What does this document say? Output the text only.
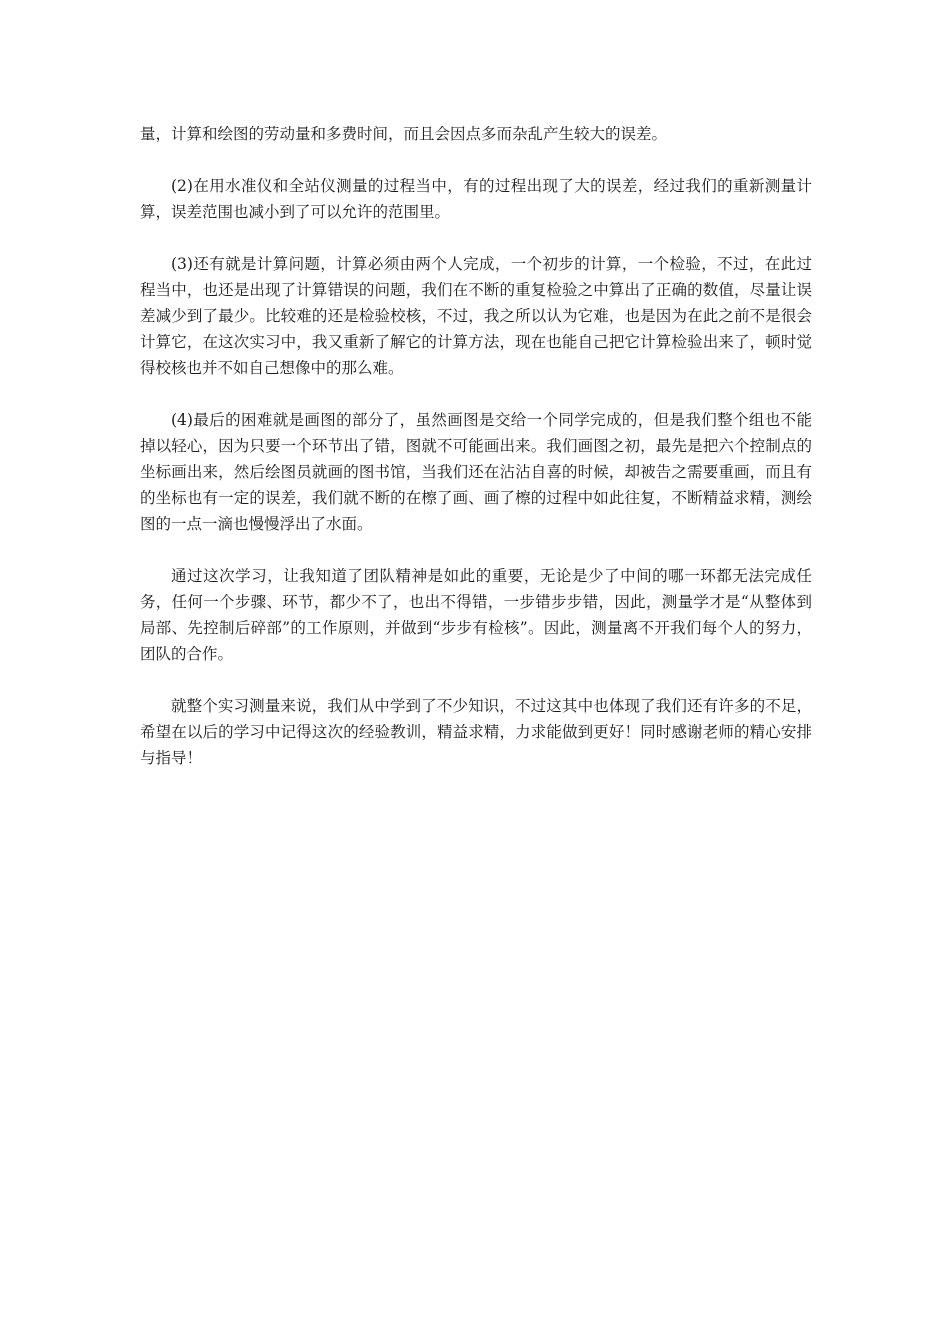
量，计算和绘图的劳动量和多费时间，而且会因点多而杂乱产生较大的误差。

(2)在用水准仪和全站仪测量的过程当中，有的过程出现了大的误差，经过我们的重新测量计算，误差范围也减小到了可以允许的范围里。

(3)还有就是计算问题，计算必须由两个人完成，一个初步的计算，一个检验，不过，在此过程当中，也还是出现了计算错误的问题，我们在不断的重复检验之中算出了正确的数值，尽量让误差减少到了最少。比较难的还是检验校核，不过，我之所以认为它难，也是因为在此之前不是很会计算它，在这次实习中，我又重新了解它的计算方法，现在也能自己把它计算检验出来了，顿时觉得校核也并不如自己想像中的那么难。

(4)最后的困难就是画图的部分了，虽然画图是交给一个同学完成的，但是我们整个组也不能掉以轻心，因为只要一个环节出了错，图就不可能画出来。我们画图之初，最先是把六个控制点的坐标画出来，然后绘图员就画的图书馆，当我们还在沾沾自喜的时候，却被告之需要重画，而且有的坐标也有一定的误差，我们就不断的在檫了画、画了檫的过程中如此往复，不断精益求精，测绘图的一点一滴也慢慢浮出了水面。

通过这次学习，让我知道了团队精神是如此的重要，无论是少了中间的哪一环都无法完成任务，任何一个步骤、环节，都少不了，也出不得错，一步错步步错，因此，测量学才是“从整体到局部、先控制后碎部”的工作原则，并做到“步步有检核”。因此，测量离不开我们每个人的努力，团队的合作。

就整个实习测量来说，我们从中学到了不少知识，不过这其中也体现了我们还有许多的不足，希望在以后的学习中记得这次的经验教训，精益求精，力求能做到更好！同时感谢老师的精心安排与指导！
